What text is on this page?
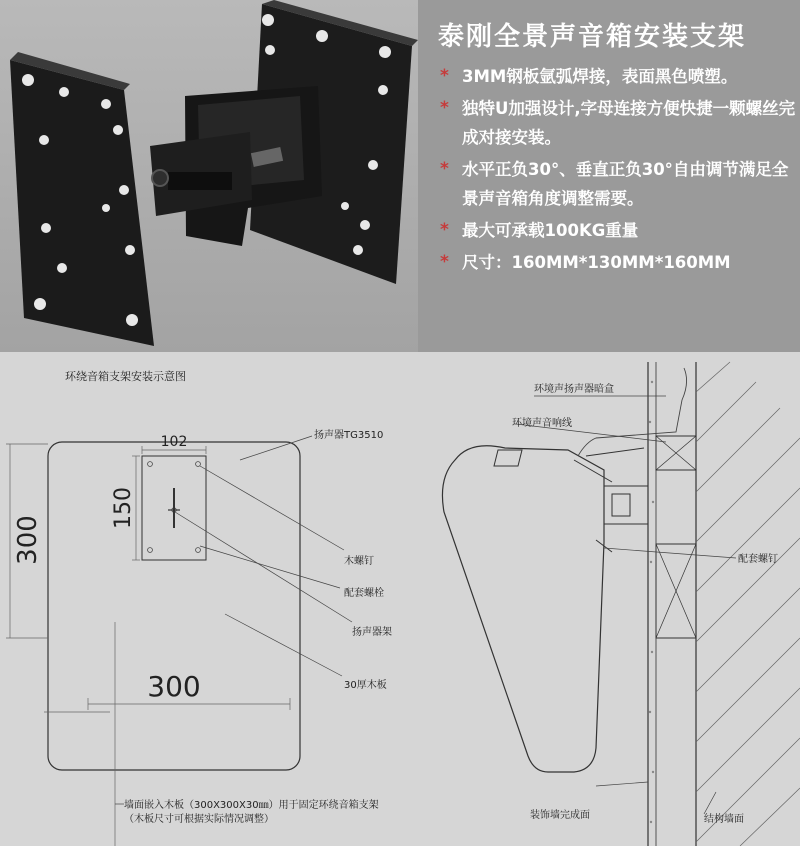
泰刚全景声音箱安装支架
* 3MM钢板氩弧焊接，表面黑色喷塑。
* 独特U加强设计,字母连接方便快捷一颗螺丝完成对接安装。
* 水平正负30°、垂直正负30°自由调节满足全景声音箱角度调整需要。
* 最大可承载100KG重量
* 尺寸：160MM*130MM*160MM
环绕音箱支架安装示意图
102
150
300
300
扬声器TG3510
木螺钉
配套螺栓
扬声器架
30厚木板
环境声扬声器暗盒
环境声音响线
配套螺钉
装饰墙完成面	结构墙面
墙面嵌入木板（300X300X30㎜）用于固定环绕音箱支架
（木板尺寸可根据实际情况调整）
